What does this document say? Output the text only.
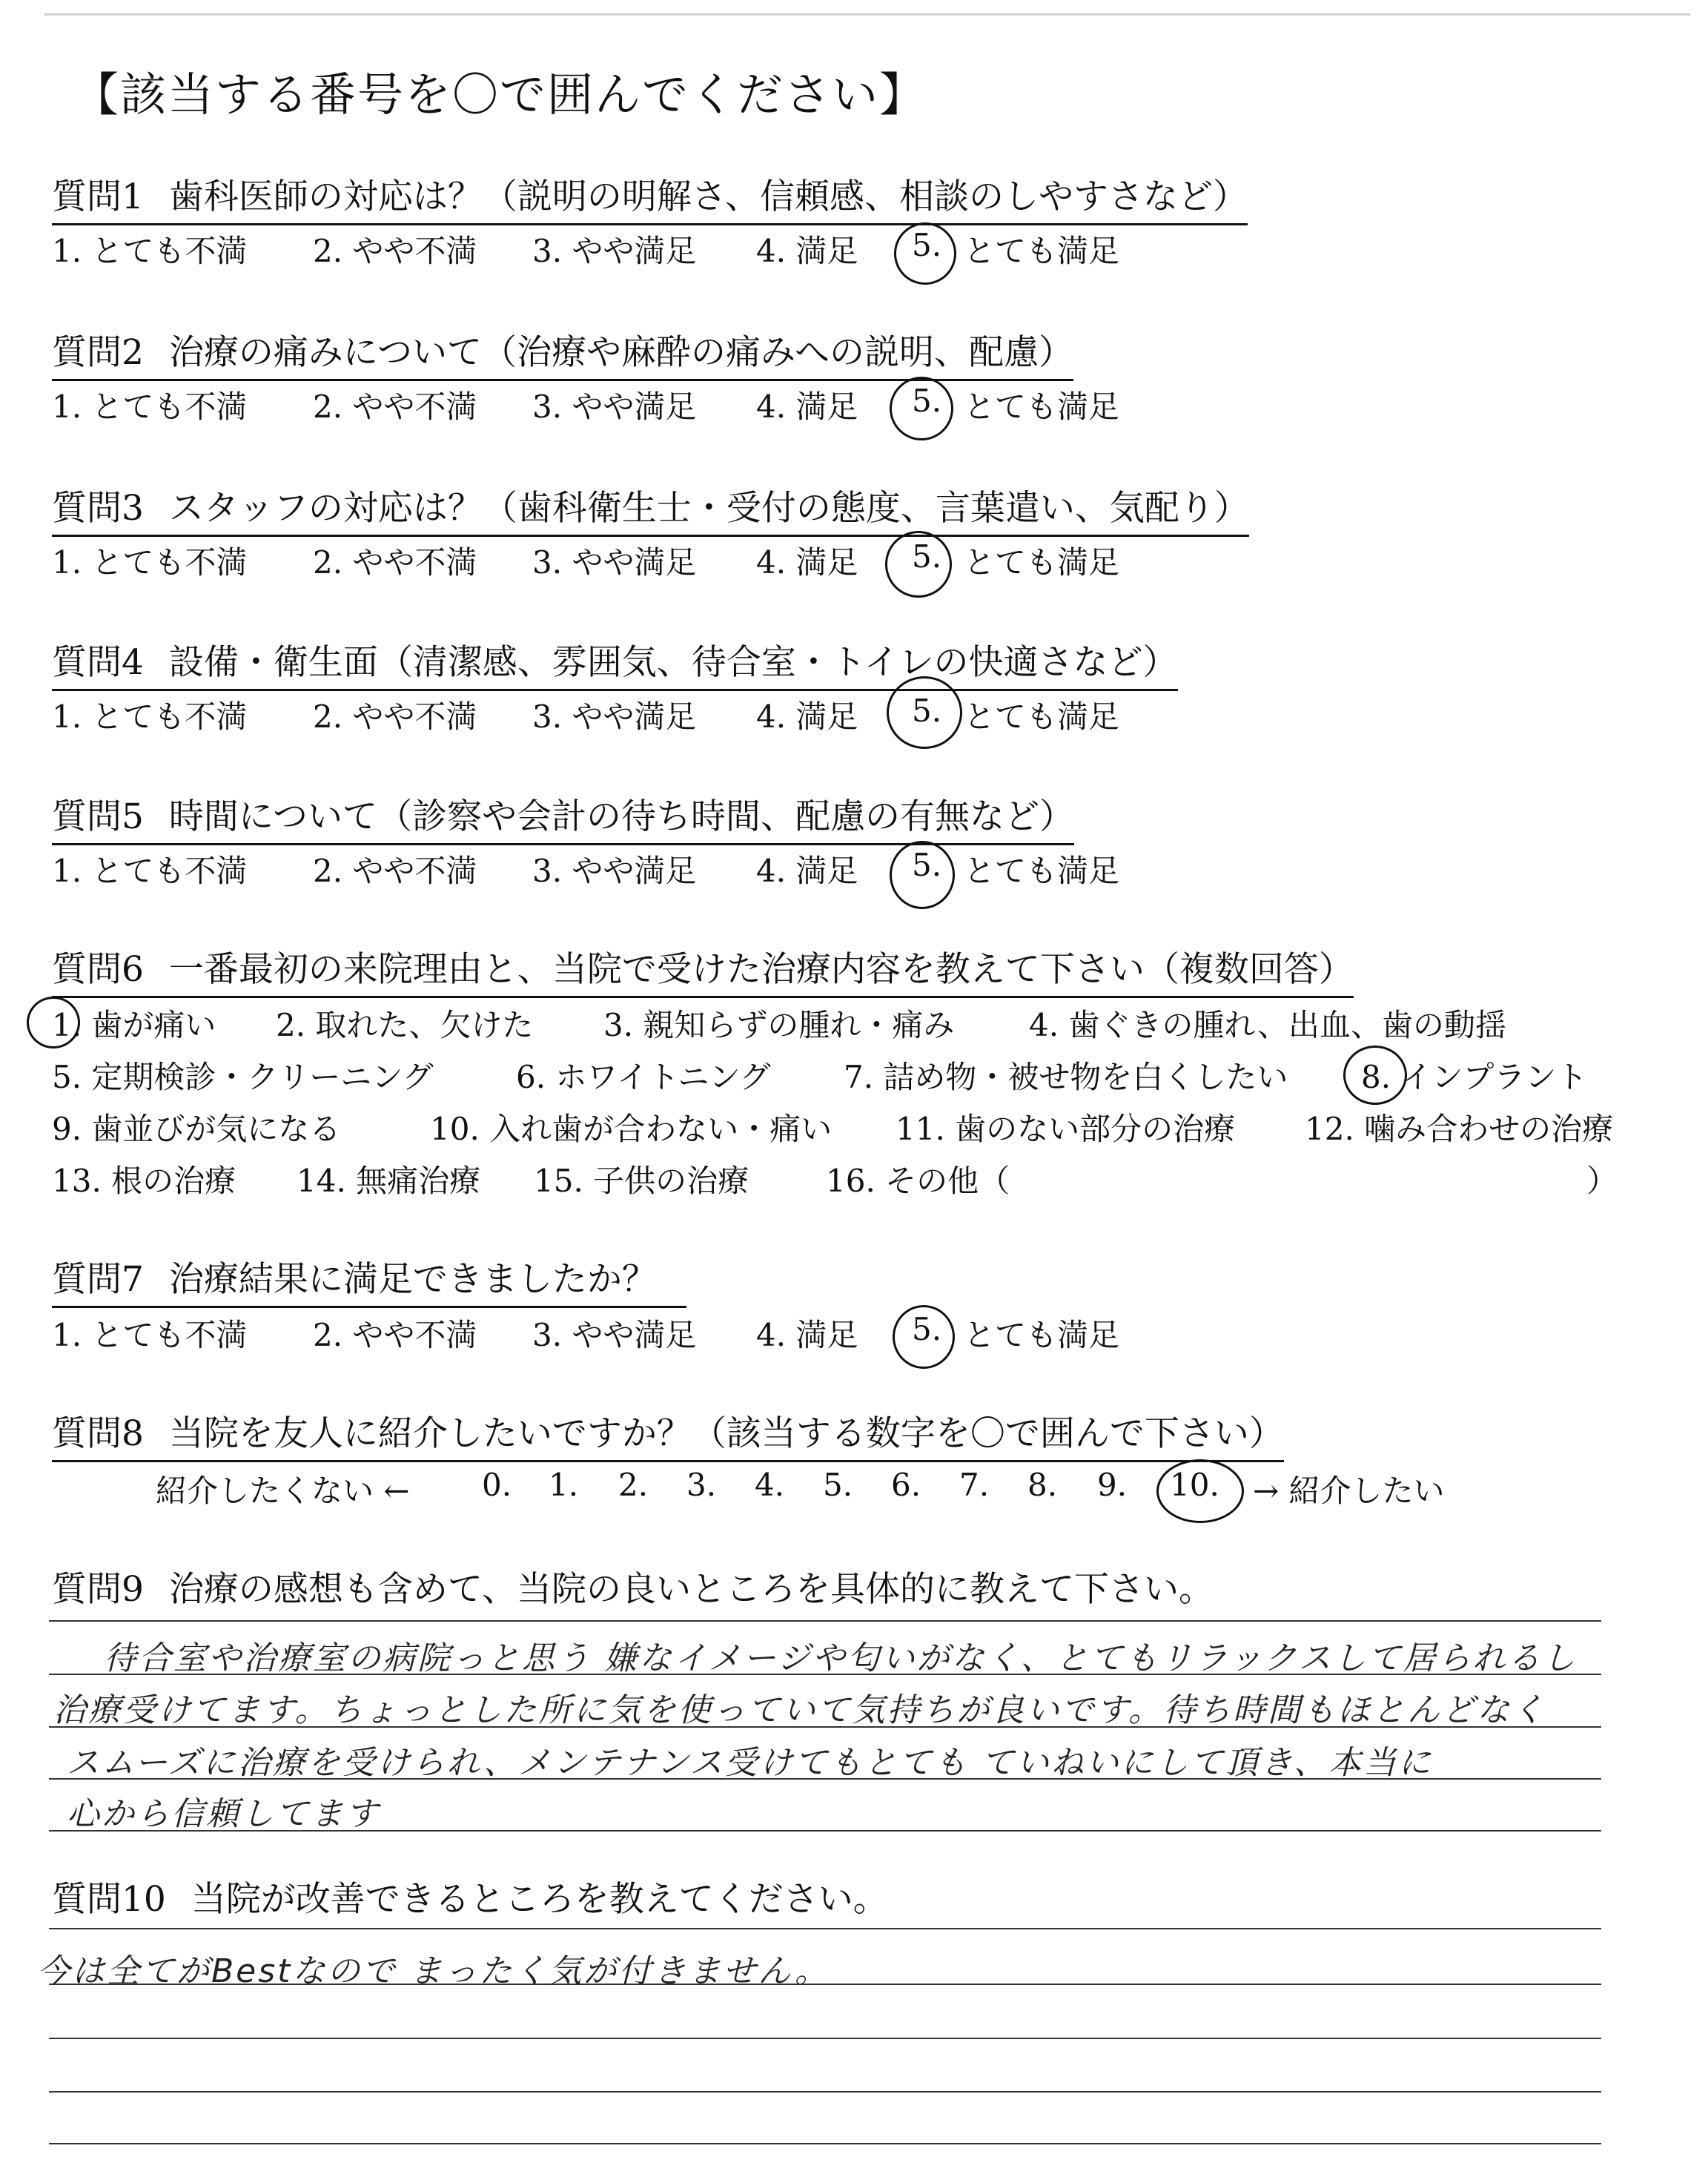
【該当する番号を〇で囲んでください】
質問1 歯科医師の対応は？（説明の明解さ、信頼感、相談のしやすさなど）
1. とても不満 2. やや不満 3. やや満足 4. 満足 5. とても満足
質問2 治療の痛みについて（治療や麻酔の痛みへの説明、配慮）
1. とても不満 2. やや不満 3. やや満足 4. 満足 5. とても満足
質問3 スタッフの対応は？（歯科衛生士・受付の態度、言葉遣い、気配り）
1. とても不満 2. やや不満 3. やや満足 4. 満足 5. とても満足
質問4 設備・衛生面（清潔感、雰囲気、待合室・トイレの快適さなど）
1. とても不満 2. やや不満 3. やや満足 4. 満足 5. とても満足
質問5 時間について（診察や会計の待ち時間、配慮の有無など）
1. とても不満 2. やや不満 3. やや満足 4. 満足 5. とても満足
質問6 一番最初の来院理由と、当院で受けた治療内容を教えて下さい（複数回答）
1. 歯が痛い 2. 取れた、欠けた 3. 親知らずの腫れ・痛み 4. 歯ぐきの腫れ、出血、歯の動揺
5. 定期検診・クリーニング	6. ホワイトニング 7. 詰め物・被せ物を白くしたい 8. インプラント
9. 歯並びが気になる	10. 入れ歯が合わない・痛い 11. 歯のない部分の治療 12. 噛み合わせの治療
13. 根の治療 14. 無痛治療 15. 子供の治療 16. その他（	）
質問7 治療結果に満足できましたか？
1. とても不満 2. やや不満 3. やや満足 4. 満足 5. とても満足
質問8 当院を友人に紹介したいですか？（該当する数字を〇で囲んで下さい）
紹介したくない ← 0. 1. 2. 3. 4. 5. 6. 7. 8. 9. 10. → 紹介したい
質問9 治療の感想も含めて、当院の良いところを具体的に教えて下さい。
待合室や治療室の病院っと思う 嫌なイメージや匂いがなく、とてもリラックスして居られるし
治療受けてます。ちょっとした所に気を使っていて気持ちが良いです。待ち時間もほとんどなく
スムーズに治療を受けられ、メンテナンス受けてもとても ていねいにして頂き、本当に
心から信頼してます
質問10 当院が改善できるところを教えてください。
今は全てがBestなので まったく気が付きません。
